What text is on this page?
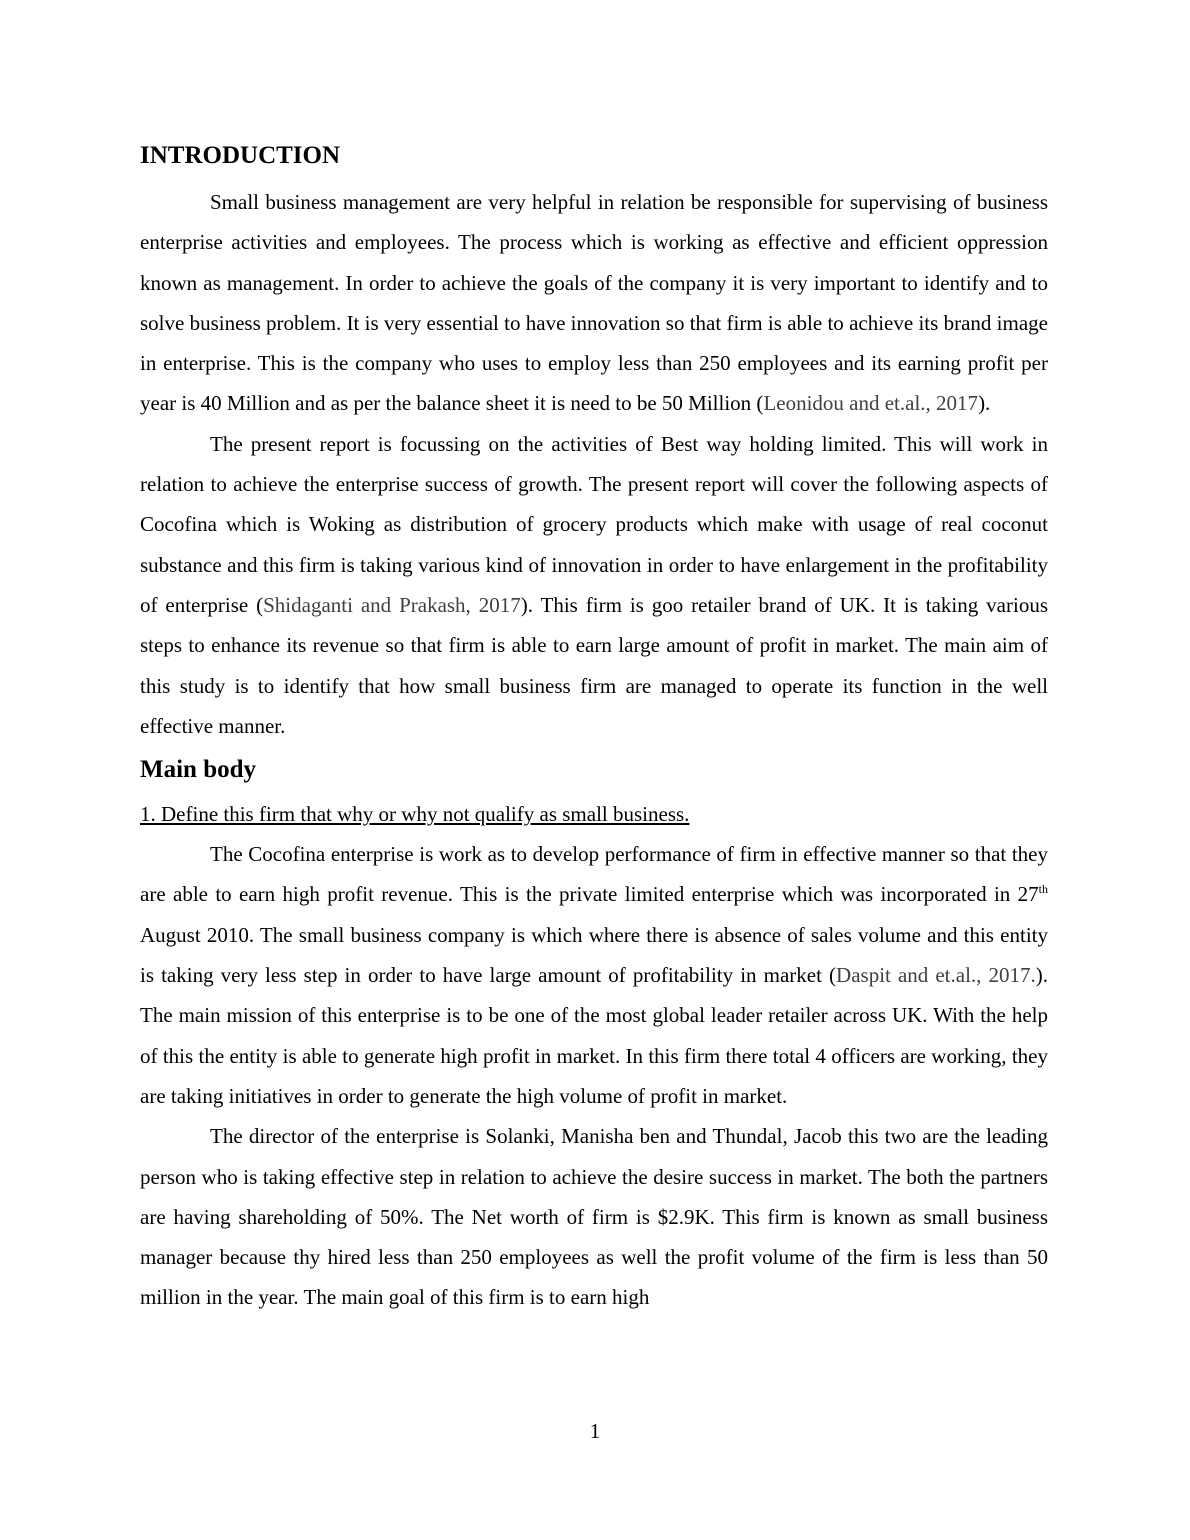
INTRODUCTION

Small business management are very helpful in relation be responsible for supervising of business enterprise activities and employees. The process which is working as effective and efficient oppression known as management. In order to achieve the goals of the company it is very important to identify and to solve business problem. It is very essential to have innovation so that firm is able to achieve its brand image in enterprise. This is the company who uses to employ less than 250 employees and its earning profit per year is 40 Million and as per the balance sheet it is need to be 50 Million (Leonidou and et.al., 2017).

The present report is focussing on the activities of Best way holding limited. This will work in relation to achieve the enterprise success of growth. The present report will cover the following aspects of Cocofina which is Woking as distribution of grocery products which make with usage of real coconut substance and this firm is taking various kind of innovation in order to have enlargement in the profitability of enterprise (Shidaganti and Prakash, 2017). This firm is goo retailer brand of UK. It is taking various steps to enhance its revenue so that firm is able to earn large amount of profit in market. The main aim of this study is to identify that how small business firm are managed to operate its function in the well effective manner.

Main body

1. Define this firm that why or why not qualify as small business.

The Cocofina enterprise is work as to develop performance of firm in effective manner so that they are able to earn high profit revenue. This is the private limited enterprise which was incorporated in 27th August 2010. The small business company is which where there is absence of sales volume and this entity is taking very less step in order to have large amount of profitability in market (Daspit and et.al., 2017.). The main mission of this enterprise is to be one of the most global leader retailer across UK. With the help of this the entity is able to generate high profit in market. In this firm there total 4 officers are working, they are taking initiatives in order to generate the high volume of profit in market.

The director of the enterprise is Solanki, Manisha ben and Thundal, Jacob this two are the leading person who is taking effective step in relation to achieve the desire success in market. The both the partners are having shareholding of 50%. The Net worth of firm is $2.9K. This firm is known as small business manager because thy hired less than 250 employees as well the profit volume of the firm is less than 50 million in the year. The main goal of this firm is to earn high

1
